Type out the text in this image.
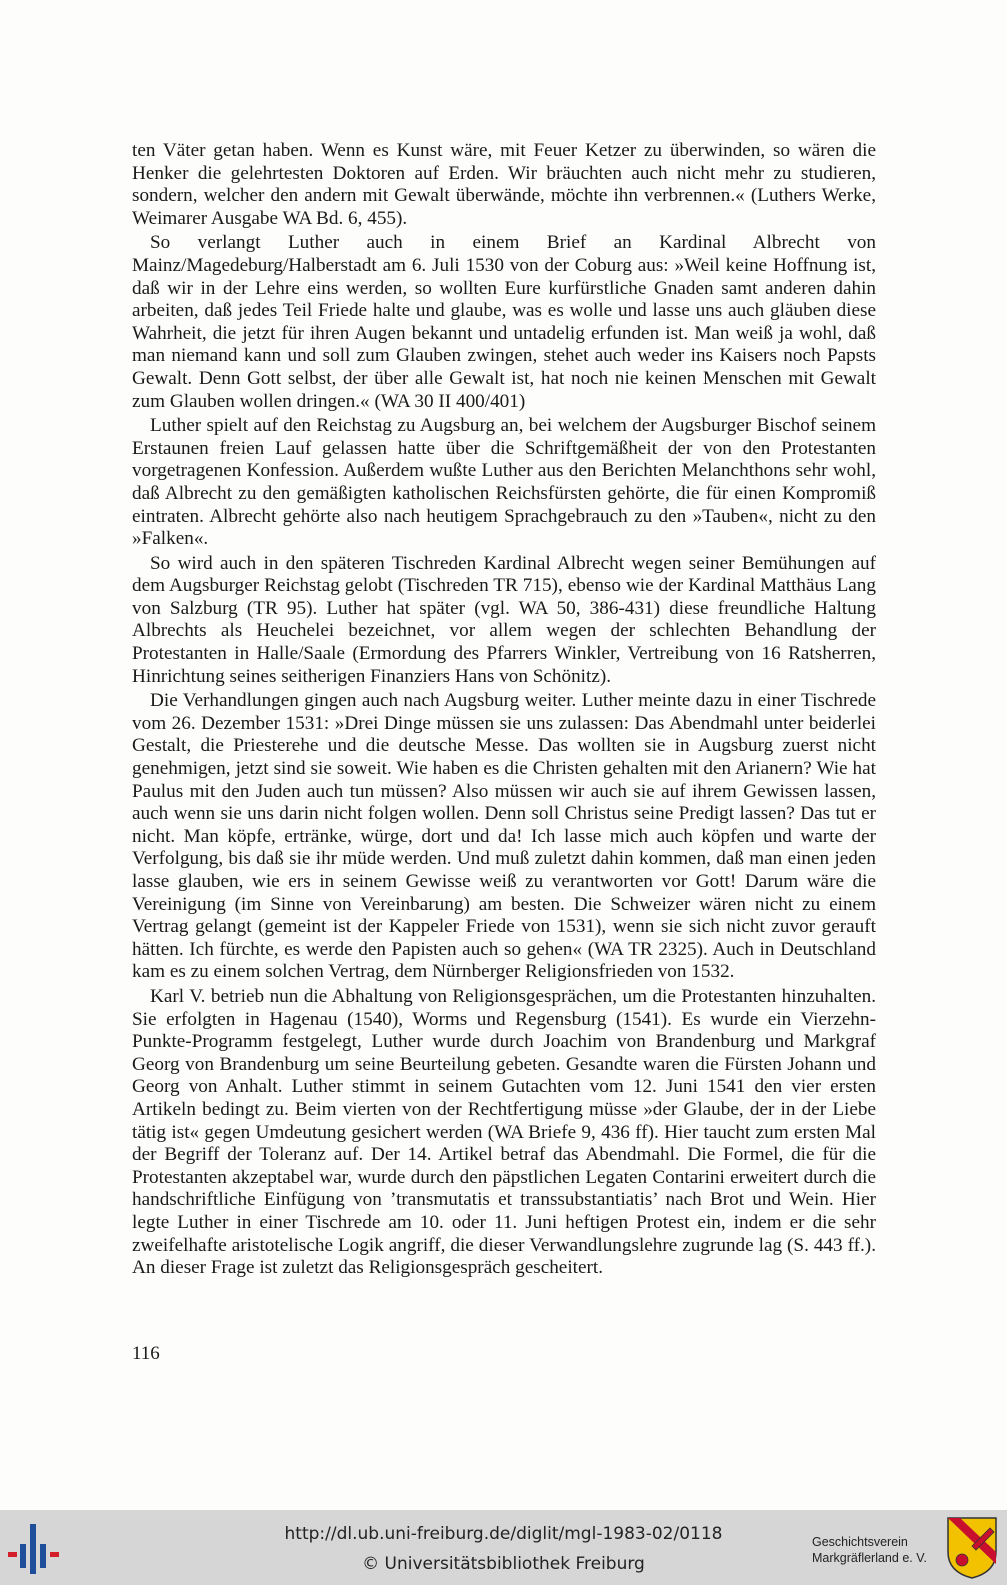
ten Väter getan haben. Wenn es Kunst wäre, mit Feuer Ketzer zu überwinden, so wären die Henker die gelehrtesten Doktoren auf Erden. Wir bräuchten auch nicht mehr zu studieren, sondern, welcher den andern mit Gewalt überwände, möchte ihn verbrennen.« (Luthers Werke, Weimarer Ausgabe WA Bd. 6, 455).

So verlangt Luther auch in einem Brief an Kardinal Albrecht von Mainz/Magedeburg/Halberstadt am 6. Juli 1530 von der Coburg aus: »Weil keine Hoffnung ist, daß wir in der Lehre eins werden, so wollten Eure kurfürstliche Gnaden samt anderen dahin arbeiten, daß jedes Teil Friede halte und glaube, was es wolle und lasse uns auch gläuben diese Wahrheit, die jetzt für ihren Augen bekannt und untadelig erfunden ist. Man weiß ja wohl, daß man niemand kann und soll zum Glauben zwingen, stehet auch weder ins Kaisers noch Papsts Gewalt. Denn Gott selbst, der über alle Gewalt ist, hat noch nie keinen Menschen mit Gewalt zum Glauben wollen dringen.« (WA 30 II 400/401)

Luther spielt auf den Reichstag zu Augsburg an, bei welchem der Augsburger Bischof seinem Erstaunen freien Lauf gelassen hatte über die Schriftgemäßheit der von den Protestanten vorgetragenen Konfession. Außerdem wußte Luther aus den Berichten Melanchthons sehr wohl, daß Albrecht zu den gemäßigten katholischen Reichsfürsten gehörte, die für einen Kompromiß eintraten. Albrecht gehörte also nach heutigem Sprachgebrauch zu den »Tauben«, nicht zu den »Falken«.

So wird auch in den späteren Tischreden Kardinal Albrecht wegen seiner Bemühungen auf dem Augsburger Reichstag gelobt (Tischreden TR 715), ebenso wie der Kardinal Matthäus Lang von Salzburg (TR 95). Luther hat später (vgl. WA 50, 386-431) diese freundliche Haltung Albrechts als Heuchelei bezeichnet, vor allem wegen der schlechten Behandlung der Protestanten in Halle/Saale (Ermordung des Pfarrers Winkler, Vertreibung von 16 Ratsherren, Hinrichtung seines seitherigen Finanziers Hans von Schönitz).

Die Verhandlungen gingen auch nach Augsburg weiter. Luther meinte dazu in einer Tischrede vom 26. Dezember 1531: »Drei Dinge müssen sie uns zulassen: Das Abendmahl unter beiderlei Gestalt, die Priesterehe und die deutsche Messe. Das wollten sie in Augsburg zuerst nicht genehmigen, jetzt sind sie soweit. Wie haben es die Christen gehalten mit den Arianern? Wie hat Paulus mit den Juden auch tun müssen? Also müssen wir auch sie auf ihrem Gewissen lassen, auch wenn sie uns darin nicht folgen wollen. Denn soll Christus seine Predigt lassen? Das tut er nicht. Man köpfe, ertränke, würge, dort und da! Ich lasse mich auch köpfen und warte der Verfolgung, bis daß sie ihr müde werden. Und muß zuletzt dahin kommen, daß man einen jeden lasse glauben, wie ers in seinem Gewisse weiß zu verantworten vor Gott! Darum wäre die Vereinigung (im Sinne von Vereinbarung) am besten. Die Schweizer wären nicht zu einem Vertrag gelangt (gemeint ist der Kappeler Friede von 1531), wenn sie sich nicht zuvor gerauft hätten. Ich fürchte, es werde den Papisten auch so gehen« (WA TR 2325). Auch in Deutschland kam es zu einem solchen Vertrag, dem Nürnberger Religionsfrieden von 1532.

Karl V. betrieb nun die Abhaltung von Religionsgesprächen, um die Protestanten hinzuhalten. Sie erfolgten in Hagenau (1540), Worms und Regensburg (1541). Es wurde ein Vierzehn-Punkte-Programm festgelegt, Luther wurde durch Joachim von Brandenburg und Markgraf Georg von Brandenburg um seine Beurteilung gebeten. Gesandte waren die Fürsten Johann und Georg von Anhalt. Luther stimmt in seinem Gutachten vom 12. Juni 1541 den vier ersten Artikeln bedingt zu. Beim vierten von der Rechtfertigung müsse »der Glaube, der in der Liebe tätig ist« gegen Umdeutung gesichert werden (WA Briefe 9, 436 ff). Hier taucht zum ersten Mal der Begriff der Toleranz auf. Der 14. Artikel betraf das Abendmahl. Die Formel, die für die Protestanten akzeptabel war, wurde durch den päpstlichen Legaten Contarini erweitert durch die handschriftliche Einfügung von ’transmutatis et transsubstantiatis’ nach Brot und Wein. Hier legte Luther in einer Tischrede am 10. oder 11. Juni heftigen Protest ein, indem er die sehr zweifelhafte aristotelische Logik angriff, die dieser Verwandlungslehre zugrunde lag (S. 443 ff.). An dieser Frage ist zuletzt das Religionsgespräch gescheitert.

116
http://dl.ub.uni-freiburg.de/diglit/mgl-1983-02/0118
© Universitätsbibliothek Freiburg
Geschichtsverein
Markgräflerland e. V.
